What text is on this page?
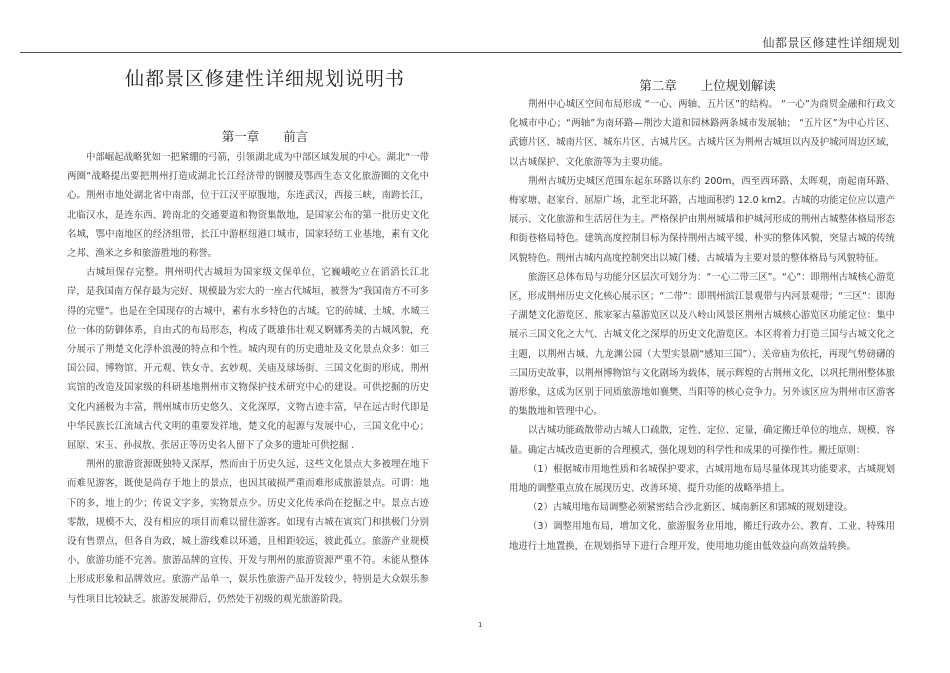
仙都景区修建性详细规划
仙都景区修建性详细规划说明书
第一章 前言

中部崛起战略犹如一把紧绷的弓箭，引领湖北成为中部区域发展的中心。湖北“一带两圈”战略提出要把荆州打造成湖北长江经济带的钢腰及鄂西生态文化旅游圈的文化中心。荆州市地处湖北省中南部，位于江汉平原腹地，东连武汉，西接三峡，南跨长江，北临汉水，是连东西、跨南北的交通要道和物资集散地，是国家公布的第一批历史文化名城，鄂中南地区的经济组带，长江中游枢纽港口城市，国家轻纺工业基地，素有文化之邦、渔米之乡和旅游胜地的称誉。

古城垣保存完整。荆州明代古城垣为国家级文保单位，它巍峨屹立在滔滔长江北岸，是我国南方保存最为完好、规模最为宏大的一座古代城垣，被誉为“我国南方不可多得的完璧”。也是在全国现存的古城中，素有水乡特色的古城。它的砖城、土城、水城三位一体的防御体系，自由式的布局形态，构成了既雄伟壮观又婀娜秀美的古城风貌，充分展示了荆楚文化浮朴浪漫的特点和个性。城内现有的历史遗址及文化景点众多：如三国公园、博物馆、开元观、铁女寺、玄妙观、关庙及球场街、三国文化街的形成、荆州宾馆的改造及国家级的科研基地荆州市文物保护技术研究中心的建设。可供挖掘的历史文化内涵极为丰富，荆州城市历史悠久、文化深厚，文物古迹丰富，早在远古时代即是中华民族长江流域古代文明的重要发祥地，楚文化的起源与发展中心，三国文化中心；屈原、宋玉、孙叔敖、张居正等历史名人留下了众多的遗址可供挖掘 .

荆州的旅游资源既独特又深厚，然而由于历史久远，这些文化景点大多被埋在地下而难见游客，既使是尚存于地上的景点，也因其破损严重而难形成旅游景点。可谓：地下的多，地上的少；传说文字多，实物景点少。历史文化传承尚在挖掘之中。景点古迹零散，规模不大，没有相应的项目而难以留住游客。如现有古城在寅宾门和拱极门分别设有售票点，但各自为政，城上游线难以环通，且相距较远，彼此孤立。旅游产业规模小，旅游功能不完善。旅游品牌的宣传、开发与荆州的旅游资源严重不符。未能从整体上形成形象和品牌效应。旅游产品单一，娱乐性旅游产品开发较少，特别是大众娱乐参与性项目比较缺乏。旅游发展滞后，仍然处于初级的观光旅游阶段。

第二章 上位规划解读

荆州中心城区空间布局形成 “一心、两轴、五片区”的结构。 “一心”为商贸金融和行政文化城市中心；“两轴”为南环路—荆沙大道和园林路两条城市发展轴； “五片区”为中心片区、武德片区、城南片区、城东片区、古城片区。古城片区为荆州古城垣以内及护城河周边区域，以古城保护、文化旅游等为主要功能。

荆州古城历史城区范围东起东环路以东约 200m，西至西环路、太晖观，南起南环路、梅家塘、赵家台、屈原广场，北至北环路，占地面积约 12.0 km2。古城的功能定位应以遗产展示、文化旅游和生活居住为主。严格保护由荆州城墙和护城河形成的荆州古城整体格局形态和街巷格局特色。建筑高度控制目标为保持荆州古城平缓、朴实的整体风貌，突显古城的传统风貌特色。荆州古城内高度控制突出以城门楼、古城墙为主要对景的整体格局与风貌特征。

旅游区总体布局与功能分区层次可划分为：“一心二带三区”。“心”：即荆州古城核心游览区，形成荆州历史文化核心展示区；“二带”：即荆州滨江景观带与内河景观带；“三区”：即海子湖楚文化游览区、熊家冢古墓游览区以及八岭山风景区荆州古城核心游览区功能定位：集中展示三国文化之大气、古城文化之深厚的历史文化游览区。本区将着力打造三国与古城文化之主题，以荆州古城、九龙渊公园（大型实景剧“感知三国”）、关帝庙为依托，再现气势磅礴的三国历史故事，以荆州博物馆与文化剧场为载体，展示辉煌的古荆州文化，以巩托荆州整体旅游形象，这成为区别于同质旅游地如襄樊、当阳等的核心竞争力。另外该区应为荆州市区游客的集散地和管理中心。

以古城功能疏散带动古城人口疏散，定性、定位、定量，确定搬迁单位的地点、规模、容量。确定古城改造更新的合理模式，强化规划的科学性和成果的可操作性。搬迁原则：

（1）根据城市用地性质和名城保护要求，古城用地布局尽量体现其功能要求，古城规划用地的调整重点放在展现历史、改善环境、提升功能的战略举措上。

（2）古城用地布局调整必须紧密结合沙北新区、城南新区和郢城的规划建设。

（3）调整用地布局，增加文化、旅游服务业用地，搬迁行政办公、教育、工业、特殊用地进行土地置换，在规划指导下进行合理开发，使用地功能由低效益向高效益转换。

1
